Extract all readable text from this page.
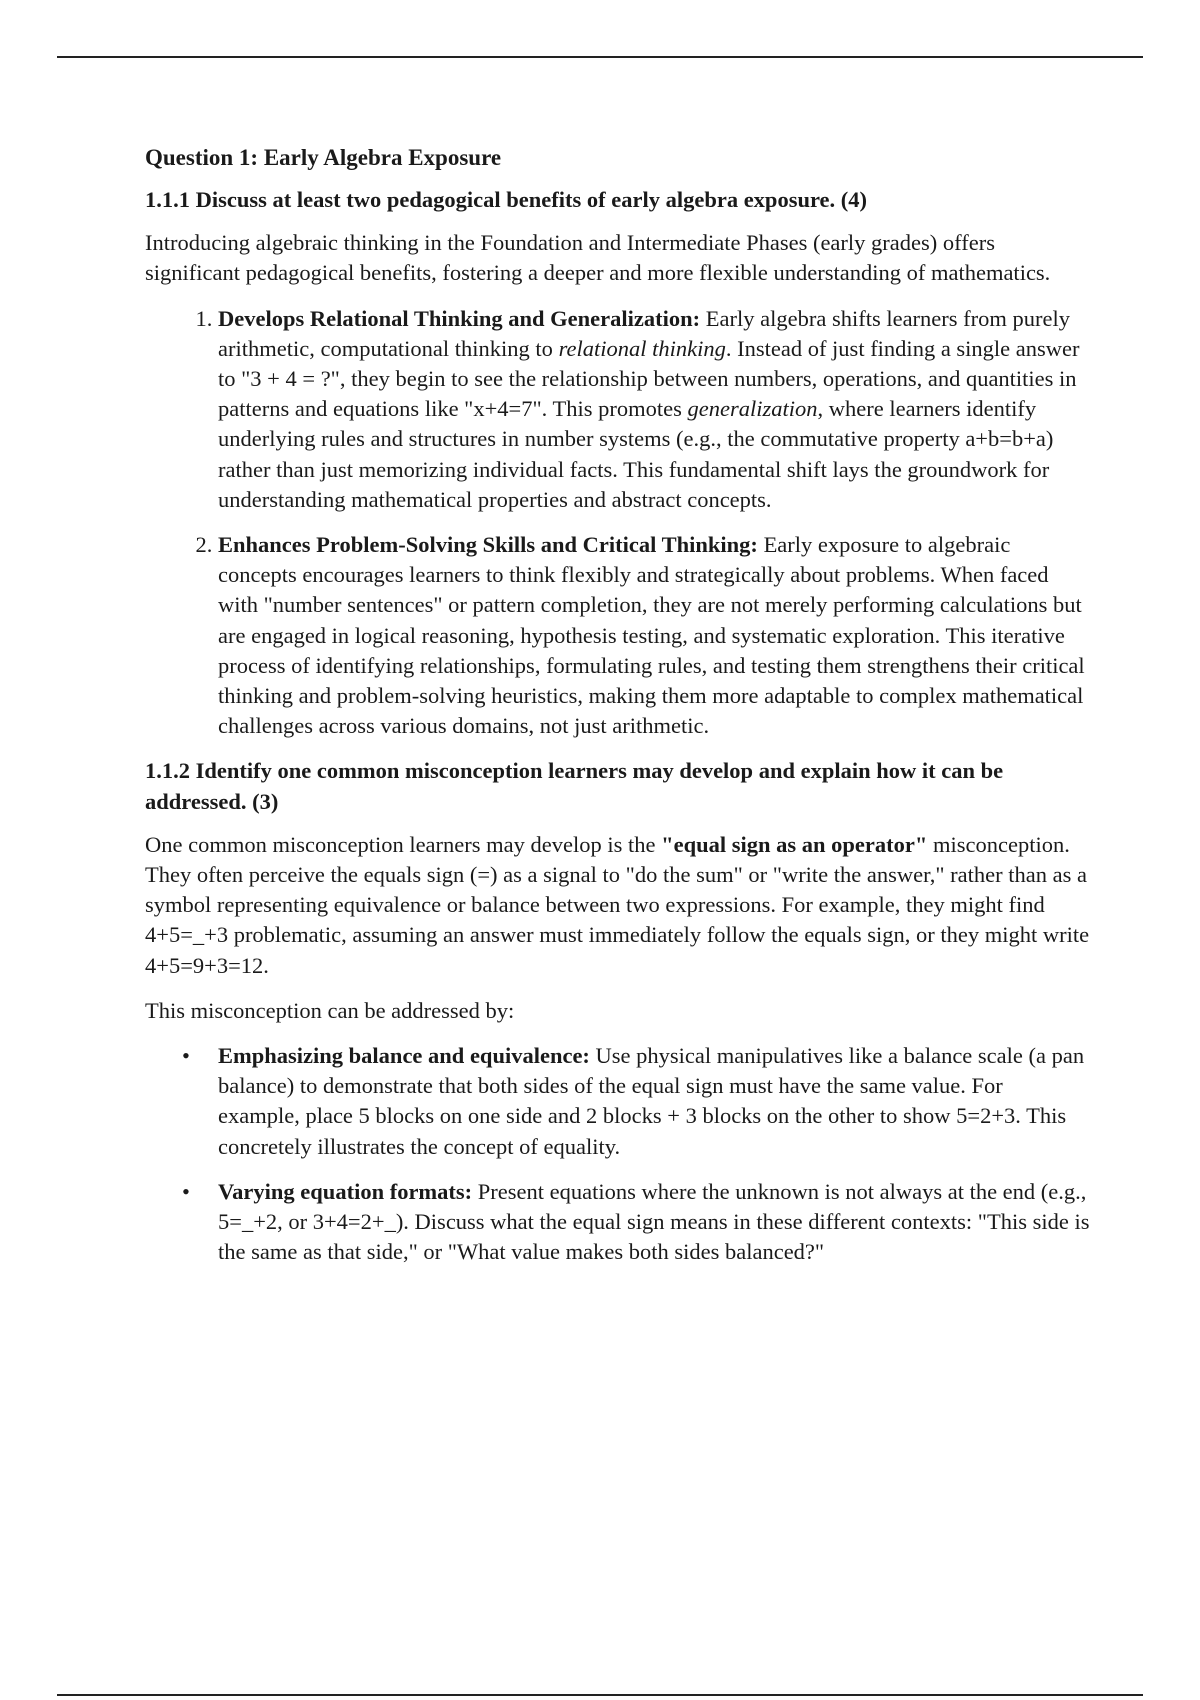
Question 1: Early Algebra Exposure
1.1.1 Discuss at least two pedagogical benefits of early algebra exposure. (4)

Introducing algebraic thinking in the Foundation and Intermediate Phases (early grades) offers significant pedagogical benefits, fostering a deeper and more flexible understanding of mathematics.

1. Develops Relational Thinking and Generalization: Early algebra shifts learners from purely arithmetic, computational thinking to relational thinking. Instead of just finding a single answer to "3 + 4 = ?", they begin to see the relationship between numbers, operations, and quantities in patterns and equations like "x+4=7". This promotes generalization, where learners identify underlying rules and structures in number systems (e.g., the commutative property a+b=b+a) rather than just memorizing individual facts. This fundamental shift lays the groundwork for understanding mathematical properties and abstract concepts.
2. Enhances Problem-Solving Skills and Critical Thinking: Early exposure to algebraic concepts encourages learners to think flexibly and strategically about problems. When faced with "number sentences" or pattern completion, they are not merely performing calculations but are engaged in logical reasoning, hypothesis testing, and systematic exploration. This iterative process of identifying relationships, formulating rules, and testing them strengthens their critical thinking and problem-solving heuristics, making them more adaptable to complex mathematical challenges across various domains, not just arithmetic.
1.1.2 Identify one common misconception learners may develop and explain how it can be addressed. (3)

One common misconception learners may develop is the "equal sign as an operator" misconception. They often perceive the equals sign (=) as a signal to "do the sum" or "write the answer," rather than as a symbol representing equivalence or balance between two expressions. For example, they might find 4+5=_+3 problematic, assuming an answer must immediately follow the equals sign, or they might write 4+5=9+3=12.

This misconception can be addressed by:

• Emphasizing balance and equivalence: Use physical manipulatives like a balance scale (a pan balance) to demonstrate that both sides of the equal sign must have the same value. For example, place 5 blocks on one side and 2 blocks + 3 blocks on the other to show 5=2+3. This concretely illustrates the concept of equality.
• Varying equation formats: Present equations where the unknown is not always at the end (e.g., 5=_+2, or 3+4=2+_). Discuss what the equal sign means in these different contexts: "This side is the same as that side," or "What value makes both sides balanced?"
